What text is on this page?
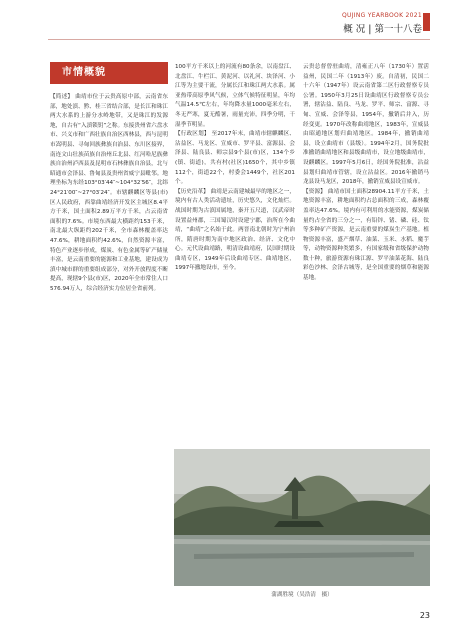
QUJING YEARBOOK 2021
概 况 | 第一十八卷
市情概貌

【简述】 曲靖市位于云贵高原中部，云南省东部，地处滇、黔、桂三省结合部，是长江和珠江两大水系的上游分水岭地带，又是珠江的发源地，自古有“入滇锁钥”之称。东接贵州省六盘水市、兴义市和广西壮族自治区西林县，西与昆明市嵩明县、寻甸回族彝族自治县、东川区接界，南连文山壮族苗族自治州丘北县、红河哈尼族彝族自治州泸西县及昆明市石林彝族自治县，北与昭通市会泽县、鲁甸县及贵州省威宁县毗邻。地理坐标为东经103°03′44″~104°32′56″，北纬24°21′00″~27°03′24″。市辖麒麟区等县(市)区人民政府，西靠曲靖经济开发区主城区8.4平方千米，国土面积2.89万平方千米，占云南省面积的7.6%。市境东西最大横距约153千米，南北最大纵距约202千米，全市森林覆盖率达47.6%，耕地面积约42.6%，自然资源丰富，特色产业逐步形成，煤炭、有色金属等矿产储量丰富，是云南重要的能源和工业基地，建设成为滇中城市群的重要组成部分，对外开放程度不断提高，现辖9个县(市)区，2020年全市常住人口576.94万人，综合经济实力位居全省前列。

100平方千米以上的河流有80条余，以南盘江、北盘江、牛栏江、黄泥河、以礼河、块泽河、小江等为主要干流，分属长江和珠江两大水系。属亚热带高原季风气候，立体气候特征明显，年均气温14.5℃左右，年均降水量1000毫米左右，冬无严寒，夏无酷暑，雨量充沛，四季分明，干湿季节明显。
【行政区划】 至2017年末，曲靖市辖麒麟区、沾益区、马龙区、宣威市、罗平县、富源县、会泽县、陆良县、师宗县9个县(市)区，134个乡(镇、街道)，共有村(社区)1650个，其中乡镇112个，街道22个，村委会1449个，社区201个。
【历史沿革】 曲靖是云南建城最早的地区之一，境内有古人类活动遗址，历史悠久，文化灿烂。战国时期为古滇国属地，秦开五尺道，汉武帝时设置益州郡，三国蜀汉时设建宁郡，治所在今曲靖，“曲靖”之名始于此。两晋南北朝时为宁州治所，隋唐时期为南中地区政治、经济、文化中心。元代设曲靖路，明清设曲靖府，民国时期设曲靖专区，1949年后设曲靖专区、曲靖地区，1997年撤地设市，至今。

云贵总督曾驻曲靖，清雍正八年（1730年）置霑益州，民国二年（1913年）废。自清初，民国二十六年（1947年）设云南省第二区行政督察专员公署。1950年3月25日设曲靖区行政督察专员公署，辖沾益、陆良、马龙、罗平、师宗、富源、寻甸、宣威、会泽等县，1954年，撤销后并入，历经变更。1970年改称曲靖地区，1983年，宣威县由昭通地区划归曲靖地区。1984年，撤销曲靖县，设立曲靖市（县级）。1994年2月，国务院批准撤销曲靖地区和县级曲靖市，设立地级曲靖市，设麒麟区。1997年5月6日，经国务院批准，沾益县划归曲靖市管辖，设立沾益区。2016年撤销马龙县设马龙区，2018年，撤销宣威县设宣威市。
【资源】 曲靖市国土面积28904.11平方千米，土地资源丰富，耕地面积约占总面积的三成，森林覆盖率达47.6%。境内有可利用的水能资源，煤炭储量约占全省的三分之一，有铅锌、锗、磷、硅、钛等多种矿产资源，是云南重要的煤炭生产基地。植物资源丰富，盛产烟草、油菜、玉米、水稻、魔芋等，动物资源种类繁多，有国家级和省级保护动物数十种，旅游资源有珠江源、罗平油菜花海、陆良彩色沙林、会泽古城等，是全国重要的烟草和能源基地。

蒲湖胜境（吴浩清　摄）
23
